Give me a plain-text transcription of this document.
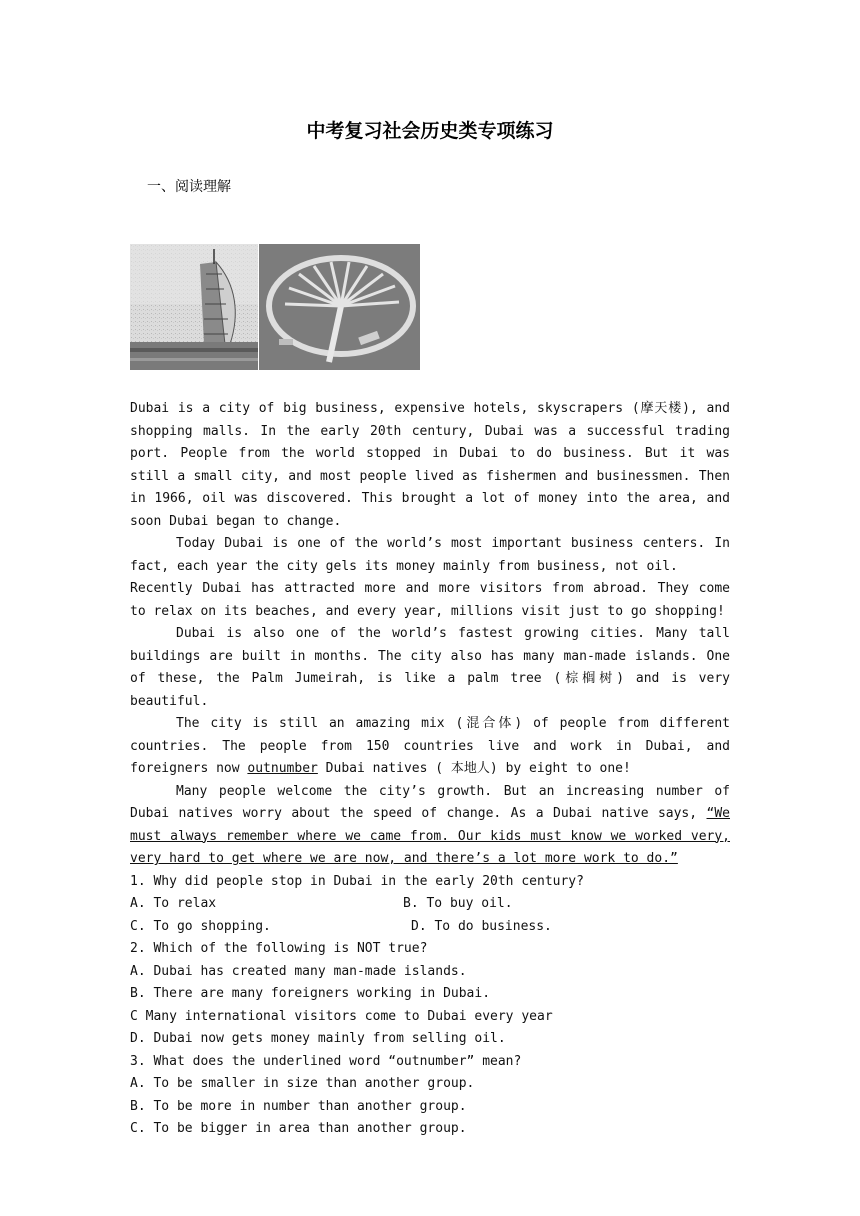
中考复习社会历史类专项练习
一、阅读理解

Dubai is a city of big business, expensive hotels, skyscrapers (摩天楼), and shopping malls. In the early 20th century, Dubai was a successful trading port. People from the world stopped in Dubai to do business. But it was still a small city, and most people lived as fishermen and businessmen. Then in 1966, oil was discovered. This brought a lot of money into the area, and soon Dubai began to change.

Today Dubai is one of the world’s most important business centers. In fact, each year the city gels its money mainly from business, not oil.

Recently Dubai has attracted more and more visitors from abroad. They come to relax on its beaches, and every year, millions visit just to go shopping!

Dubai is also one of the world’s fastest growing cities. Many tall buildings are built in months. The city also has many man-made islands. One of these, the Palm Jumeirah, is like a palm tree (棕榈树) and is very beautiful.

The city is still an amazing mix (混合体) of people from different countries. The people from 150 countries live and work in Dubai, and foreigners now outnumber Dubai natives ( 本地人) by eight to one!

Many people welcome the city’s growth. But an increasing number of Dubai natives worry about the speed of change. As a Dubai native says, “We must always remember where we came from. Our kids must know we worked very, very hard to get where we are now, and there’s a lot more work to do.”

1. Why did people stop in Dubai in the early 20th century?
A. To relax	B. To buy oil.
C. To go shopping.	D. To do business.
2. Which of the following is NOT true?
A. Dubai has created many man-made islands.
B. There are many foreigners working in Dubai.
C Many international visitors come to Dubai every year
D. Dubai now gets money mainly from selling oil.
3. What does the underlined word “outnumber” mean?
A. To be smaller in size than another group.
B. To be more in number than another group.
C. To be bigger in area than another group.
